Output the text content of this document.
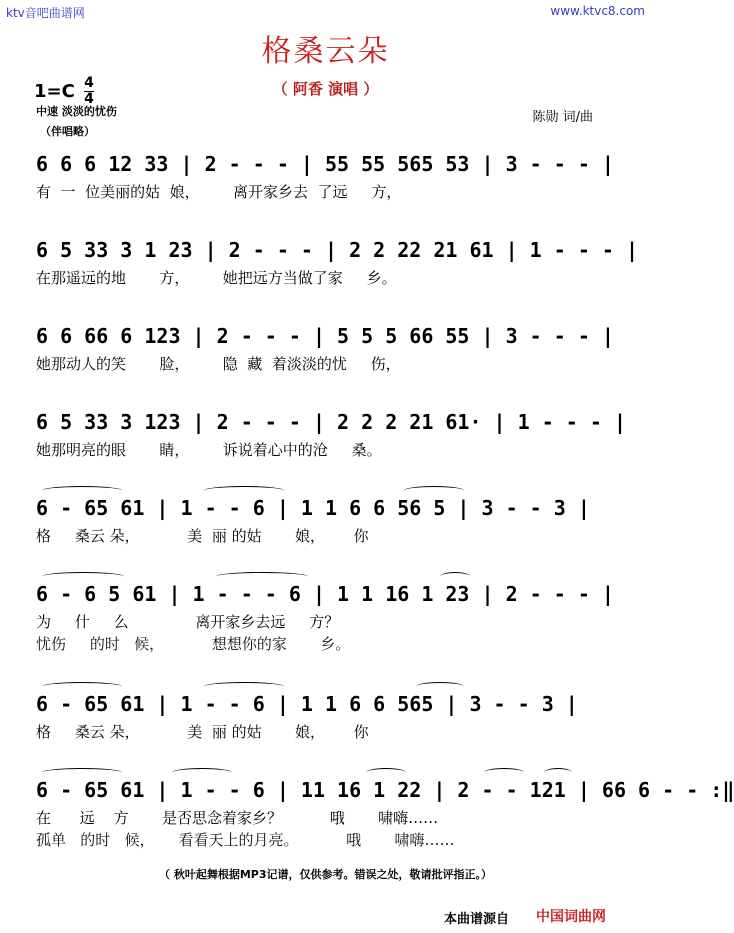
ktv音吧曲谱网	www.ktvc8.com
格桑云朵
（ 阿香 演唱 ）
$1=C \frac{4}{4}$
中速 淡淡的忧伤
（伴唱略）
陈勋 词/曲
6 6 6 12 33 | 2 - - - | 55 55 565 53 | 3 - - - |
有  一  位美丽的姑  娘，       离开家乡去  了远     方，
6 5 33 3 1 23 | 2 - - - | 2 2 22 21 61 | 1 - - - |
在那遥远的地       方，       她把远方当做了家     乡。
6 6 66 6 123 | 2 - - - | 5 5 5 66 55 | 3 - - - |
她那动人的笑       脸，       隐  藏  着淡淡的忧     伤，
6 5 33 3 123 | 2 - - - | 2 2 2 21 61· | 1 - - - |
她那明亮的眼       睛，       诉说着心中的沧     桑。
6 - 65 61 | 1 - - 6 | 1 1 6 6 56 5 | 3 - - 3 |
格     桑云 朵，          美  丽 的姑       娘，      你
6 - 6 5 61 | 1 - - - 6 | 1 1 16 1 23 | 2 - - - |
为     什     么              离开家乡去远     方？
忧伤     的时   候，          想想你的家       乡。
6 - 65 61 | 1 - - 6 | 1 1 6 6 565 | 3 - - 3 |
格     桑云 朵，          美  丽 的姑       娘，      你
6 - 65 61 | 1 - - 6 | 11 16 1 22 | 2 - - 121 | 66 6 - - :‖
在      远    方       是否思念着家乡？          哦       啸嗨……
孤单   的时   候，     看看天上的月亮。          哦       啸嗨……
（ 秋叶起舞根据MP3记谱，仅供参考。错误之处，敬请批评指正。）
本曲谱源自 中国词曲网
